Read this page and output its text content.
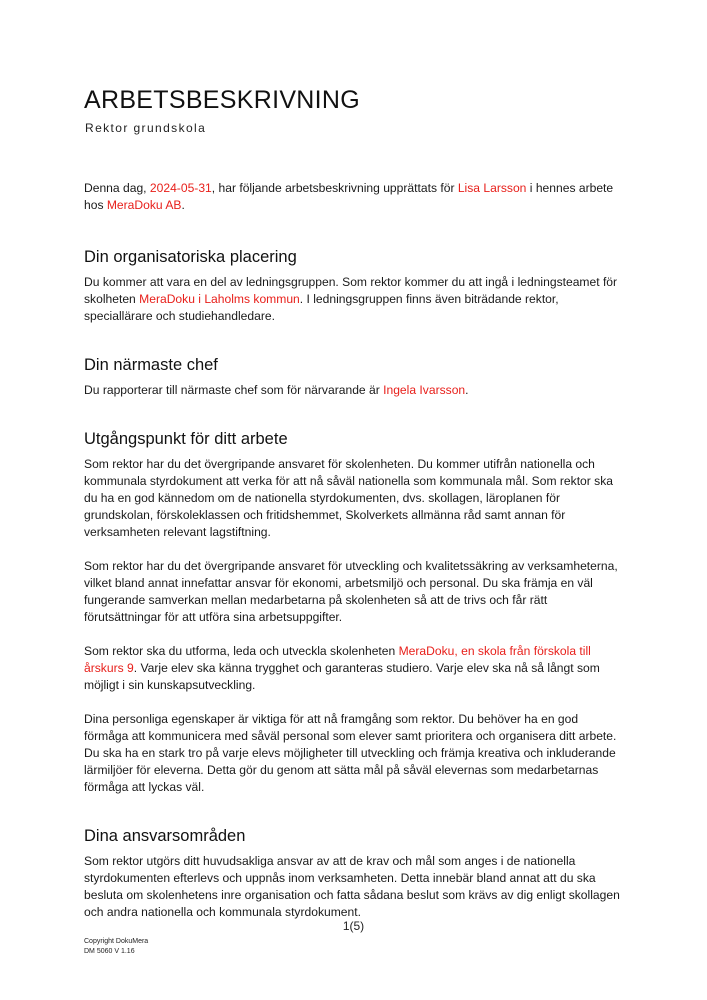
ARBETSBESKRIVNING
Rektor grundskola

Denna dag, 2024-05-31, har följande arbetsbeskrivning upprättats för Lisa Larsson i hennes arbete hos MeraDoku AB.

Din organisatoriska placering

Du kommer att vara en del av ledningsgruppen. Som rektor kommer du att ingå i ledningsteamet för skolheten MeraDoku i Laholms kommun. I ledningsgruppen finns även biträdande rektor, speciallärare och studiehandledare.

Din närmaste chef

Du rapporterar till närmaste chef som för närvarande är Ingela Ivarsson.

Utgångspunkt för ditt arbete

Som rektor har du det övergripande ansvaret för skolenheten. Du kommer utifrån nationella och kommunala styrdokument att verka för att nå såväl nationella som kommunala mål. Som rektor ska du ha en god kännedom om de nationella styrdokumenten, dvs. skollagen, läroplanen för grundskolan, förskoleklassen och fritidshemmet, Skolverkets allmänna råd samt annan för verksamheten relevant lagstiftning.

Som rektor har du det övergripande ansvaret för utveckling och kvalitetssäkring av verksamheterna, vilket bland annat innefattar ansvar för ekonomi, arbetsmiljö och personal. Du ska främja en väl fungerande samverkan mellan medarbetarna på skolenheten så att de trivs och får rätt förutsättningar för att utföra sina arbetsuppgifter.

Som rektor ska du utforma, leda och utveckla skolenheten MeraDoku, en skola från förskola till årskurs 9. Varje elev ska känna trygghet och garanteras studiero. Varje elev ska nå så långt som möjligt i sin kunskapsutveckling.

Dina personliga egenskaper är viktiga för att nå framgång som rektor. Du behöver ha en god förmåga att kommunicera med såväl personal som elever samt prioritera och organisera ditt arbete. Du ska ha en stark tro på varje elevs möjligheter till utveckling och främja kreativa och inkluderande lärmiljöer för eleverna. Detta gör du genom att sätta mål på såväl elevernas som medarbetarnas förmåga att lyckas väl.

Dina ansvarsområden

Som rektor utgörs ditt huvudsakliga ansvar av att de krav och mål som anges i de nationella styrdokumenten efterlevs och uppnås inom verksamheten. Detta innebär bland annat att du ska besluta om skolenhetens inre organisation och fatta sådana beslut som krävs av dig enligt skollagen och andra nationella och kommunala styrdokument.

1(5)
Copyright DokuMera
DM 5060 V 1.16
